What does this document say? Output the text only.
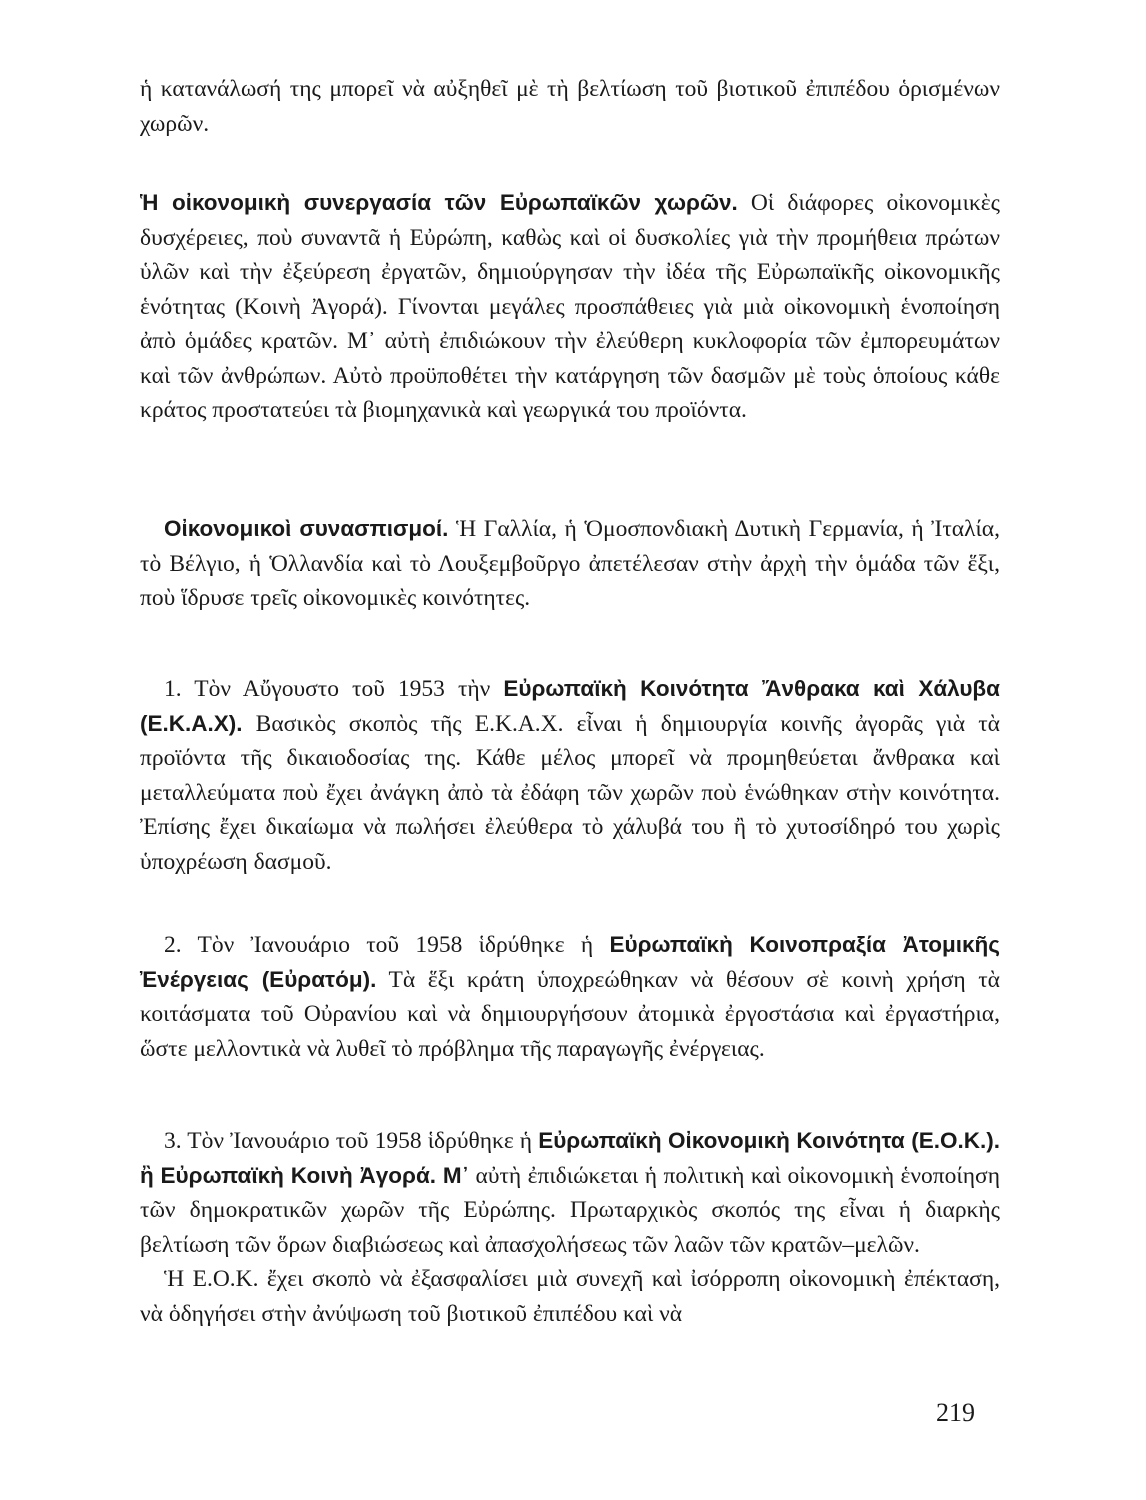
ἡ κατανάλωσή της μπορεῖ νὰ αὐξηθεῖ μὲ τὴ βελτίωση τοῦ βιοτικοῦ ἐπιπέδου ὁρισμένων χωρῶν.

Ἡ οἰκονομικὴ συνεργασία τῶν Εὐρωπαϊκῶν χωρῶν. Οἱ διάφορες οἰκονομικὲς δυσχέρειες, ποὺ συναντᾶ ἡ Εὐρώπη, καθὼς καὶ οἱ δυσκολίες γιὰ τὴν προμήθεια πρώτων ὑλῶν καὶ τὴν ἐξεύρεση ἐργατῶν, δημιούργησαν τὴν ἰδέα τῆς Εὐρωπαϊκῆς οἰκονομικῆς ἑνότητας (Κοινὴ Ἀγορά). Γίνονται μεγάλες προσπάθειες γιὰ μιὰ οἰκονομικὴ ἑνοποίηση ἀπὸ ὁμάδες κρατῶν. Μ᾿ αὐτὴ ἐπιδιώκουν τὴν ἐλεύθερη κυκλοφορία τῶν ἐμπορευμάτων καὶ τῶν ἀνθρώπων. Αὐτὸ προϋποθέτει τὴν κατάργηση τῶν δασμῶν μὲ τοὺς ὁποίους κάθε κράτος προστατεύει τὰ βιομηχανικὰ καὶ γεωργικά του προϊόντα.

Οἰκονομικοὶ συνασπισμοί. Ἡ Γαλλία, ἡ Ὁμοσπονδιακὴ Δυτικὴ Γερμανία, ἡ Ἰταλία, τὸ Βέλγιο, ἡ Ὁλλανδία καὶ τὸ Λουξεμβοῦργο ἀπετέλεσαν στὴν ἀρχὴ τὴν ὁμάδα τῶν ἕξι, ποὺ ἵδρυσε τρεῖς οἰκονομικὲς κοινότητες.

1. Τὸν Αὔγουστο τοῦ 1953 τὴν Εὐρωπαϊκὴ Κοινότητα Ἄνθρακα καὶ Χάλυβα (Ε.Κ.Α.Χ). Βασικὸς σκοπὸς τῆς Ε.Κ.Α.Χ. εἶναι ἡ δημιουργία κοινῆς ἀγορᾶς γιὰ τὰ προϊόντα τῆς δικαιοδοσίας της. Κάθε μέλος μπορεῖ νὰ προμηθεύεται ἄνθρακα καὶ μεταλλεύματα ποὺ ἔχει ἀνάγκη ἀπὸ τὰ ἐδάφη τῶν χωρῶν ποὺ ἑνώθηκαν στὴν κοινότητα. Ἐπίσης ἔχει δικαίωμα νὰ πωλήσει ἐλεύθερα τὸ χάλυβά του ἢ τὸ χυτοσίδηρό του χωρὶς ὑποχρέωση δασμοῦ.

2. Τὸν Ἰανουάριο τοῦ 1958 ἱδρύθηκε ἡ Εὐρωπαϊκὴ Κοινοπραξία Ἀτομικῆς Ἐνέργειας (Εὐρατόμ). Τὰ ἕξι κράτη ὑποχρεώθηκαν νὰ θέσουν σὲ κοινὴ χρήση τὰ κοιτάσματα τοῦ Οὐρανίου καὶ νὰ δημιουργήσουν ἀτομικὰ ἐργοστάσια καὶ ἐργαστήρια, ὥστε μελλοντικὰ νὰ λυθεῖ τὸ πρόβλημα τῆς παραγωγῆς ἐνέργειας.

3. Τὸν Ἰανουάριο τοῦ 1958 ἱδρύθηκε ἡ Εὐρωπαϊκὴ Οἰκονομικὴ Κοινότητα (Ε.Ο.Κ.). ἢ Εὐρωπαϊκὴ Κοινὴ Ἀγορά. Μ᾿ αὐτὴ ἐπιδιώκεται ἡ πολιτικὴ καὶ οἰκονομικὴ ἑνοποίηση τῶν δημοκρατικῶν χωρῶν τῆς Εὐρώπης. Πρωταρχικὸς σκοπός της εἶναι ἡ διαρκὴς βελτίωση τῶν ὅρων διαβιώσεως καὶ ἀπασχολήσεως τῶν λαῶν τῶν κρατῶν–μελῶν.

Ἡ Ε.Ο.Κ. ἔχει σκοπὸ νὰ ἐξασφαλίσει μιὰ συνεχῆ καὶ ἰσόρροπη οἰκονομικὴ ἐπέκταση, νὰ ὁδηγήσει στὴν ἀνύψωση τοῦ βιοτικοῦ ἐπιπέδου καὶ νὰ

219
